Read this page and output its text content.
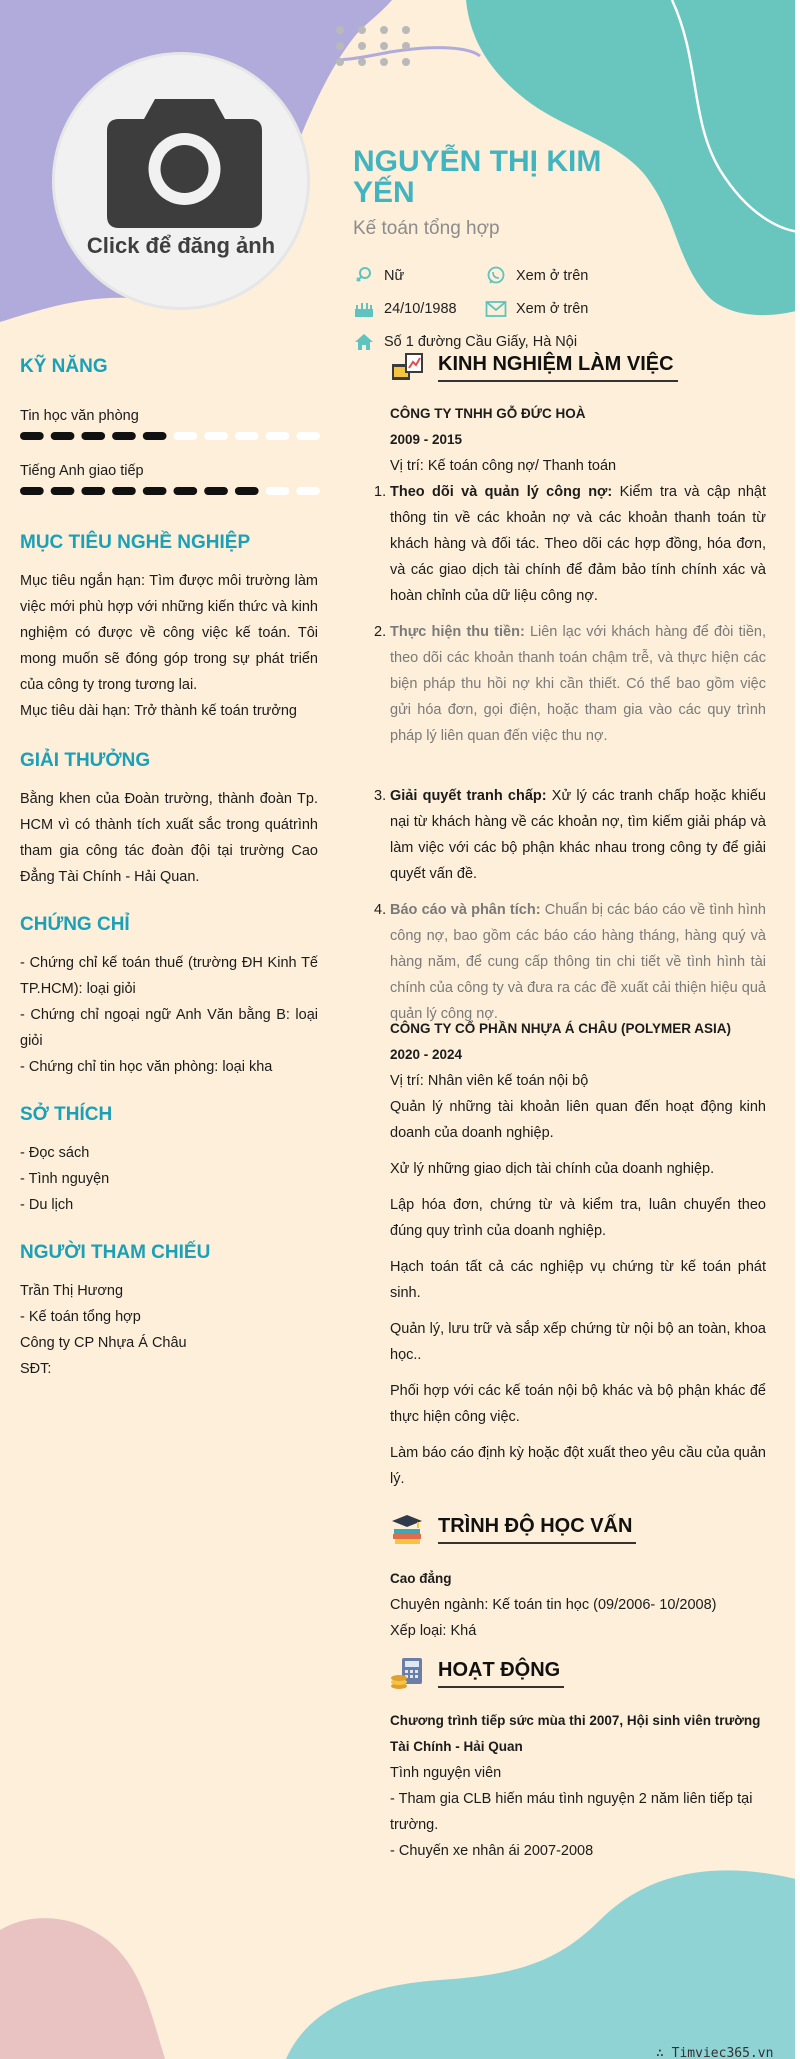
Click để đăng ảnh
NGUYỄN THỊ KIM YẾN
Kế toán tổng hợp
Nữ	Xem ở trên
24/10/1988	Xem ở trên
Số 1 đường Cầu Giấy, Hà Nội
KỸ NĂNG
Tin học văn phòng
Tiếng Anh giao tiếp
MỤC TIÊU NGHỀ NGHIỆP
Mục tiêu ngắn hạn: Tìm được môi trường làm việc mới phù hợp với những kiến thức và kinh nghiệm có được về công việc kế toán. Tôi mong muốn sẽ đóng góp trong sự phát triển của công ty trong tương lai.
Mục tiêu dài hạn: Trở thành kế toán trưởng
GIẢI THƯỞNG
Bằng khen của Đoàn trường, thành đoàn Tp. HCM vì có thành tích xuất sắc trong quátrình tham gia công tác đoàn đội tại trường Cao Đẳng Tài Chính - Hải Quan.
CHỨNG CHỈ
- Chứng chỉ kế toán thuế (trường ĐH Kinh Tế TP.HCM): loại giỏi
- Chứng chỉ ngoại ngữ Anh Văn bằng B: loại giỏi
- Chứng chỉ tin học văn phòng: loại kha
SỞ THÍCH
- Đọc sách
- Tình nguyện
- Du lịch
NGƯỜI THAM CHIẾU
Trần Thị Hương
- Kế toán tổng hợp
Công ty CP Nhựa Á Châu
SĐT:
KINH NGHIỆM LÀM VIỆC
CÔNG TY TNHH GỖ ĐỨC HOÀ
2009 - 2015
Vị trí: Kế toán công nợ/ Thanh toán
1. Theo dõi và quản lý công nợ: Kiểm tra và cập nhật thông tin về các khoản nợ và các khoản thanh toán từ khách hàng và đối tác. Theo dõi các hợp đồng, hóa đơn, và các giao dịch tài chính để đảm bảo tính chính xác và hoàn chỉnh của dữ liệu công nợ.
2. Thực hiện thu tiền: Liên lạc với khách hàng để đòi tiền, theo dõi các khoản thanh toán chậm trễ, và thực hiện các biện pháp thu hồi nợ khi cần thiết. Có thể bao gồm việc gửi hóa đơn, gọi điện, hoặc tham gia vào các quy trình pháp lý liên quan đến việc thu nợ.
3. Giải quyết tranh chấp: Xử lý các tranh chấp hoặc khiếu nại từ khách hàng về các khoản nợ, tìm kiếm giải pháp và làm việc với các bộ phận khác nhau trong công ty để giải quyết vấn đề.
4. Báo cáo và phân tích: Chuẩn bị các báo cáo về tình hình công nợ, bao gồm các báo cáo hàng tháng, hàng quý và hàng năm, để cung cấp thông tin chi tiết về tình hình tài chính của công ty và đưa ra các đề xuất cải thiện hiệu quả quản lý công nợ.
CÔNG TY CỔ PHẦN NHỰA Á CHÂU (POLYMER ASIA)
2020 - 2024
Vị trí: Nhân viên kế toán nội bộ

Quản lý những tài khoản liên quan đến hoạt động kinh doanh của doanh nghiệp.

Xử lý những giao dịch tài chính của doanh nghiệp.

Lập hóa đơn, chứng từ và kiểm tra, luân chuyển theo đúng quy trình của doanh nghiệp.

Hạch toán tất cả các nghiệp vụ chứng từ kế toán phát sinh.

Quản lý, lưu trữ và sắp xếp chứng từ nội bộ an toàn, khoa học..

Phối hợp với các kế toán nội bộ khác và bộ phận khác để thực hiện công việc.

Làm báo cáo định kỳ hoặc đột xuất theo yêu cầu của quản lý.

TRÌNH ĐỘ HỌC VẤN
Cao đẳng
Chuyên ngành: Kế toán tin học (09/2006- 10/2008)
Xếp loại: Khá
HOẠT ĐỘNG
Chương trình tiếp sức mùa thi 2007, Hội sinh viên trường Tài Chính - Hải Quan
Tình nguyện viên
- Tham gia CLB hiến máu tình nguyện 2 năm liên tiếp tại trường.
- Chuyến xe nhân ái 2007-2008
∴ Timviec365.vn
